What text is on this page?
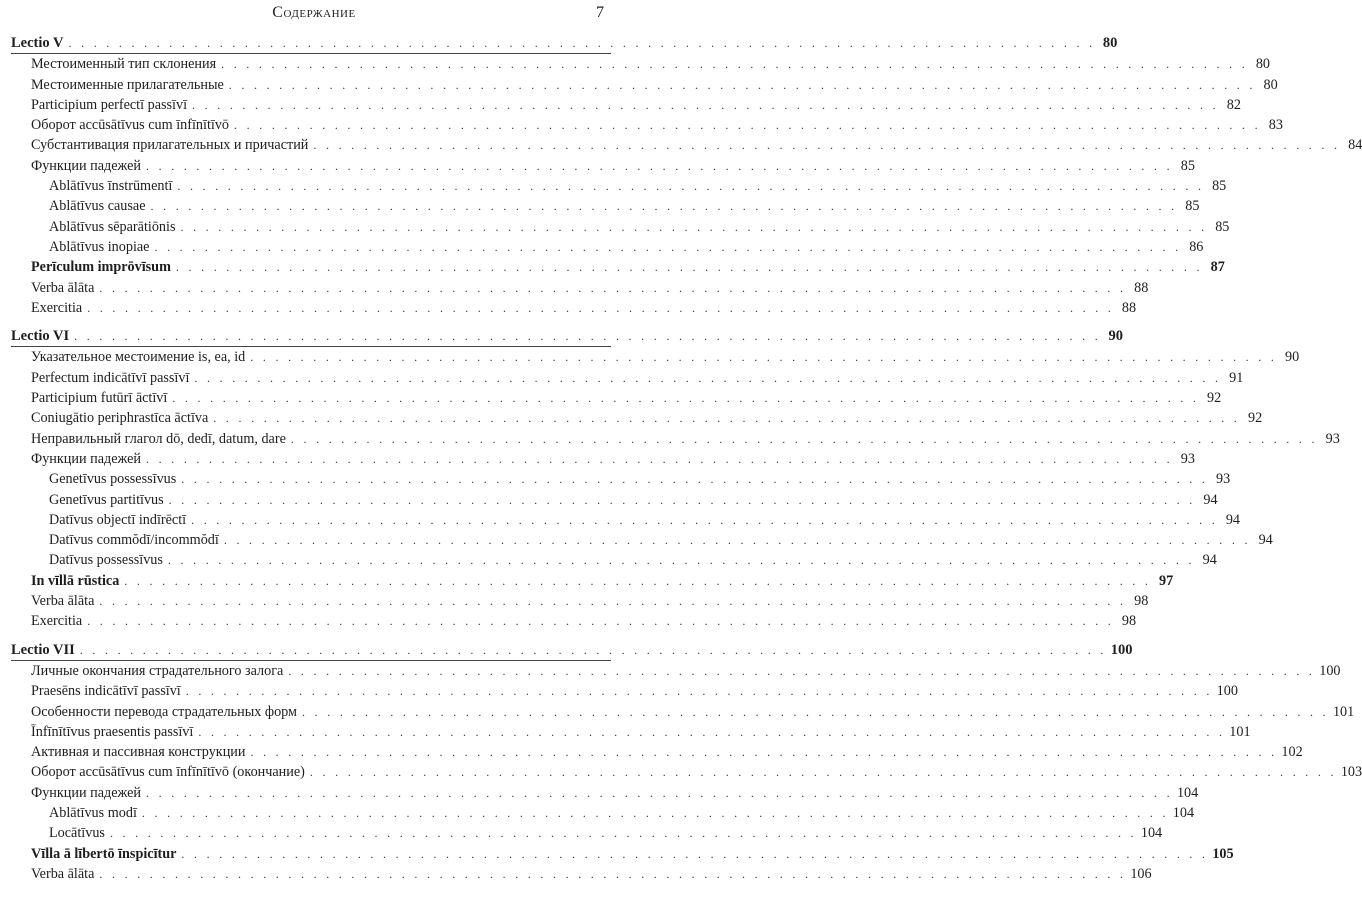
Содержание	7
Lectio V . . . . . . . . . . . . . . . . . . . . . . . . . . . . . . . . . . . . . . . . . . . . . . . . . . . . . . . . . . . . . . . . . . . . . . . . . . . . . . . . . . 80
Местоименный тип склонения . . . . . . . . . . . . . . . . . . . . . . . . . . . . . . . . . . . . . . . . . . . . . . . . . . . . . . . . . . . . . . . . . . . . . . . . . . . . . . . . . . 80
Местоименные прилагательные . . . . . . . . . . . . . . . . . . . . . . . . . . . . . . . . . . . . . . . . . . . . . . . . . . . . . . . . . . . . . . . . . . . . . . . . . . . . . . . . . . 80
Participium perfectī passīvī . . . . . . . . . . . . . . . . . . . . . . . . . . . . . . . . . . . . . . . . . . . . . . . . . . . . . . . . . . . . . . . . . . . . . . . . . . . . . . . . . . 82
Оборот accūsātīvus cum īnfīnītīvō . . . . . . . . . . . . . . . . . . . . . . . . . . . . . . . . . . . . . . . . . . . . . . . . . . . . . . . . . . . . . . . . . . . . . . . . . . . . . . . . . . 83
Субстантивация прилагательных и причастий . . . . . . . . . . . . . . . . . . . . . . . . . . . . . . . . . . . . . . . . . . . . . . . . . . . . . . . . . . . . . . . . . . . . . . . . . . . . . . . . . . 84
Функции падежей . . . . . . . . . . . . . . . . . . . . . . . . . . . . . . . . . . . . . . . . . . . . . . . . . . . . . . . . . . . . . . . . . . . . . . . . . . . . . . . . . . 85
Ablātīvus īnstrūmentī . . . . . . . . . . . . . . . . . . . . . . . . . . . . . . . . . . . . . . . . . . . . . . . . . . . . . . . . . . . . . . . . . . . . . . . . . . . . . . . . . . 85
Ablātīvus causae . . . . . . . . . . . . . . . . . . . . . . . . . . . . . . . . . . . . . . . . . . . . . . . . . . . . . . . . . . . . . . . . . . . . . . . . . . . . . . . . . . 85
Ablātīvus sēparātiōnis . . . . . . . . . . . . . . . . . . . . . . . . . . . . . . . . . . . . . . . . . . . . . . . . . . . . . . . . . . . . . . . . . . . . . . . . . . . . . . . . . . 85
Ablātīvus inopiae . . . . . . . . . . . . . . . . . . . . . . . . . . . . . . . . . . . . . . . . . . . . . . . . . . . . . . . . . . . . . . . . . . . . . . . . . . . . . . . . . . 86
Perīculum imprōvīsum . . . . . . . . . . . . . . . . . . . . . . . . . . . . . . . . . . . . . . . . . . . . . . . . . . . . . . . . . . . . . . . . . . . . . . . . . . . . . . . . . . 87
Verba ālāta . . . . . . . . . . . . . . . . . . . . . . . . . . . . . . . . . . . . . . . . . . . . . . . . . . . . . . . . . . . . . . . . . . . . . . . . . . . . . . . . . . 88
Exercitia . . . . . . . . . . . . . . . . . . . . . . . . . . . . . . . . . . . . . . . . . . . . . . . . . . . . . . . . . . . . . . . . . . . . . . . . . . . . . . . . . . 88
Lectio VI . . . . . . . . . . . . . . . . . . . . . . . . . . . . . . . . . . . . . . . . . . . . . . . . . . . . . . . . . . . . . . . . . . . . . . . . . . . . . . . . . . 90
Указательное местоимение is, ea, id . . . . . . . . . . . . . . . . . . . . . . . . . . . . . . . . . . . . . . . . . . . . . . . . . . . . . . . . . . . . . . . . . . . . . . . . . . . . . . . . . . 90
Perfectum indicātīvī passīvī . . . . . . . . . . . . . . . . . . . . . . . . . . . . . . . . . . . . . . . . . . . . . . . . . . . . . . . . . . . . . . . . . . . . . . . . . . . . . . . . . . 91
Participium futūrī āctīvī . . . . . . . . . . . . . . . . . . . . . . . . . . . . . . . . . . . . . . . . . . . . . . . . . . . . . . . . . . . . . . . . . . . . . . . . . . . . . . . . . . 92
Coniugātio periphrastīca āctīva . . . . . . . . . . . . . . . . . . . . . . . . . . . . . . . . . . . . . . . . . . . . . . . . . . . . . . . . . . . . . . . . . . . . . . . . . . . . . . . . . . 92
Неправильный глагол dō, dedī, datum, dare . . . . . . . . . . . . . . . . . . . . . . . . . . . . . . . . . . . . . . . . . . . . . . . . . . . . . . . . . . . . . . . . . . . . . . . . . . . . . . . . . . 93
Функции падежей . . . . . . . . . . . . . . . . . . . . . . . . . . . . . . . . . . . . . . . . . . . . . . . . . . . . . . . . . . . . . . . . . . . . . . . . . . . . . . . . . . 93
Genetīvus possessīvus . . . . . . . . . . . . . . . . . . . . . . . . . . . . . . . . . . . . . . . . . . . . . . . . . . . . . . . . . . . . . . . . . . . . . . . . . . . . . . . . . . 93
Genetīvus partitīvus . . . . . . . . . . . . . . . . . . . . . . . . . . . . . . . . . . . . . . . . . . . . . . . . . . . . . . . . . . . . . . . . . . . . . . . . . . . . . . . . . . 94
Datīvus objectī indīrēctī . . . . . . . . . . . . . . . . . . . . . . . . . . . . . . . . . . . . . . . . . . . . . . . . . . . . . . . . . . . . . . . . . . . . . . . . . . . . . . . . . . 94
Datīvus commŏdī/incommŏdī . . . . . . . . . . . . . . . . . . . . . . . . . . . . . . . . . . . . . . . . . . . . . . . . . . . . . . . . . . . . . . . . . . . . . . . . . . . . . . . . . . 94
Datīvus possessīvus . . . . . . . . . . . . . . . . . . . . . . . . . . . . . . . . . . . . . . . . . . . . . . . . . . . . . . . . . . . . . . . . . . . . . . . . . . . . . . . . . . 94
In vīllā rūstica . . . . . . . . . . . . . . . . . . . . . . . . . . . . . . . . . . . . . . . . . . . . . . . . . . . . . . . . . . . . . . . . . . . . . . . . . . . . . . . . . . 97
Verba ālāta . . . . . . . . . . . . . . . . . . . . . . . . . . . . . . . . . . . . . . . . . . . . . . . . . . . . . . . . . . . . . . . . . . . . . . . . . . . . . . . . . . 98
Exercitia . . . . . . . . . . . . . . . . . . . . . . . . . . . . . . . . . . . . . . . . . . . . . . . . . . . . . . . . . . . . . . . . . . . . . . . . . . . . . . . . . . 98
Lectio VII . . . . . . . . . . . . . . . . . . . . . . . . . . . . . . . . . . . . . . . . . . . . . . . . . . . . . . . . . . . . . . . . . . . . . . . . . . . . . . . . . . 100
Личные окончания страдательного залога . . . . . . . . . . . . . . . . . . . . . . . . . . . . . . . . . . . . . . . . . . . . . . . . . . . . . . . . . . . . . . . . . . . . . . . . . . . . . . . . . . 100
Praesēns indicātīvī passīvī . . . . . . . . . . . . . . . . . . . . . . . . . . . . . . . . . . . . . . . . . . . . . . . . . . . . . . . . . . . . . . . . . . . . . . . . . . . . . . . . . . 100
Особенности перевода страдательных форм . . . . . . . . . . . . . . . . . . . . . . . . . . . . . . . . . . . . . . . . . . . . . . . . . . . . . . . . . . . . . . . . . . . . . . . . . . . . . . . . . . 101
Īnfīnītīvus praesentis passīvī . . . . . . . . . . . . . . . . . . . . . . . . . . . . . . . . . . . . . . . . . . . . . . . . . . . . . . . . . . . . . . . . . . . . . . . . . . . . . . . . . . 101
Активная и пассивная конструкции . . . . . . . . . . . . . . . . . . . . . . . . . . . . . . . . . . . . . . . . . . . . . . . . . . . . . . . . . . . . . . . . . . . . . . . . . . . . . . . . . . 102
Оборот accūsātīvus cum īnfīnītīvō (окончание) . . . . . . . . . . . . . . . . . . . . . . . . . . . . . . . . . . . . . . . . . . . . . . . . . . . . . . . . . . . . . . . . . . . . . . . . . . . . . . . . . . 103
Функции падежей . . . . . . . . . . . . . . . . . . . . . . . . . . . . . . . . . . . . . . . . . . . . . . . . . . . . . . . . . . . . . . . . . . . . . . . . . . . . . . . . . . 104
Ablātīvus modī . . . . . . . . . . . . . . . . . . . . . . . . . . . . . . . . . . . . . . . . . . . . . . . . . . . . . . . . . . . . . . . . . . . . . . . . . . . . . . . . . . 104
Locātīvus . . . . . . . . . . . . . . . . . . . . . . . . . . . . . . . . . . . . . . . . . . . . . . . . . . . . . . . . . . . . . . . . . . . . . . . . . . . . . . . . . . 104
Vīlla ā lībertō īnspicītur . . . . . . . . . . . . . . . . . . . . . . . . . . . . . . . . . . . . . . . . . . . . . . . . . . . . . . . . . . . . . . . . . . . . . . . . . . . . . . . . . . 105
Verba ālāta . . . . . . . . . . . . . . . . . . . . . . . . . . . . . . . . . . . . . . . . . . . . . . . . . . . . . . . . . . . . . . . . . . . . . . . . . . . . . . . . . . 106
